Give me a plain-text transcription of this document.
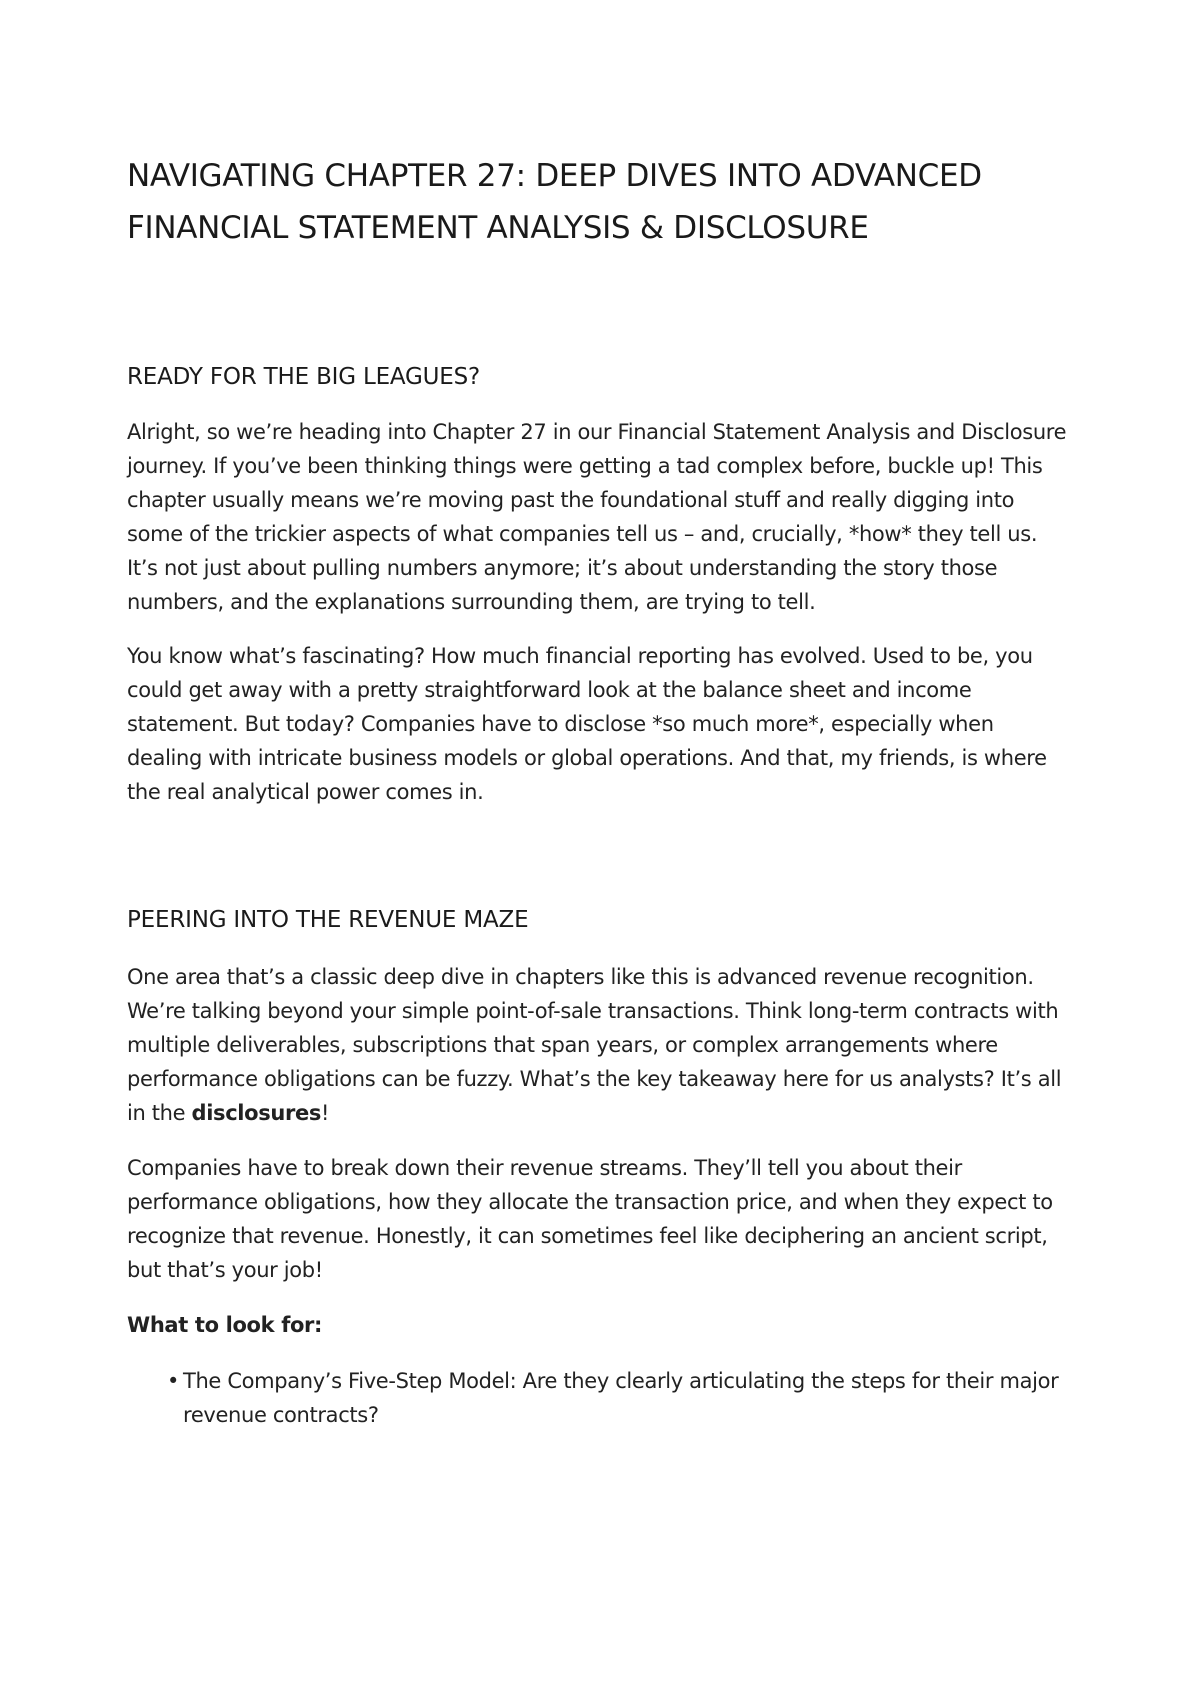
NAVIGATING CHAPTER 27: DEEP DIVES INTO ADVANCED FINANCIAL STATEMENT ANALYSIS & DISCLOSURE
READY FOR THE BIG LEAGUES?

Alright, so we’re heading into Chapter 27 in our Financial Statement Analysis and Disclosure journey. If you’ve been thinking things were getting a tad complex before, buckle up! This chapter usually means we’re moving past the foundational stuff and really digging into some of the trickier aspects of what companies tell us – and, crucially, *how* they tell us. It’s not just about pulling numbers anymore; it’s about understanding the story those numbers, and the explanations surrounding them, are trying to tell.

You know what’s fascinating? How much financial reporting has evolved. Used to be, you could get away with a pretty straightforward look at the balance sheet and income statement. But today? Companies have to disclose *so much more*, especially when dealing with intricate business models or global operations. And that, my friends, is where the real analytical power comes in.

PEERING INTO THE REVENUE MAZE

One area that’s a classic deep dive in chapters like this is advanced revenue recognition. We’re talking beyond your simple point-of-sale transactions. Think long-term contracts with multiple deliverables, subscriptions that span years, or complex arrangements where performance obligations can be fuzzy. What’s the key takeaway here for us analysts? It’s all in the disclosures!

Companies have to break down their revenue streams. They’ll tell you about their performance obligations, how they allocate the transaction price, and when they expect to recognize that revenue. Honestly, it can sometimes feel like deciphering an ancient script, but that’s your job!

What to look for:

• The Company’s Five-Step Model: Are they clearly articulating the steps for their major revenue contracts?
